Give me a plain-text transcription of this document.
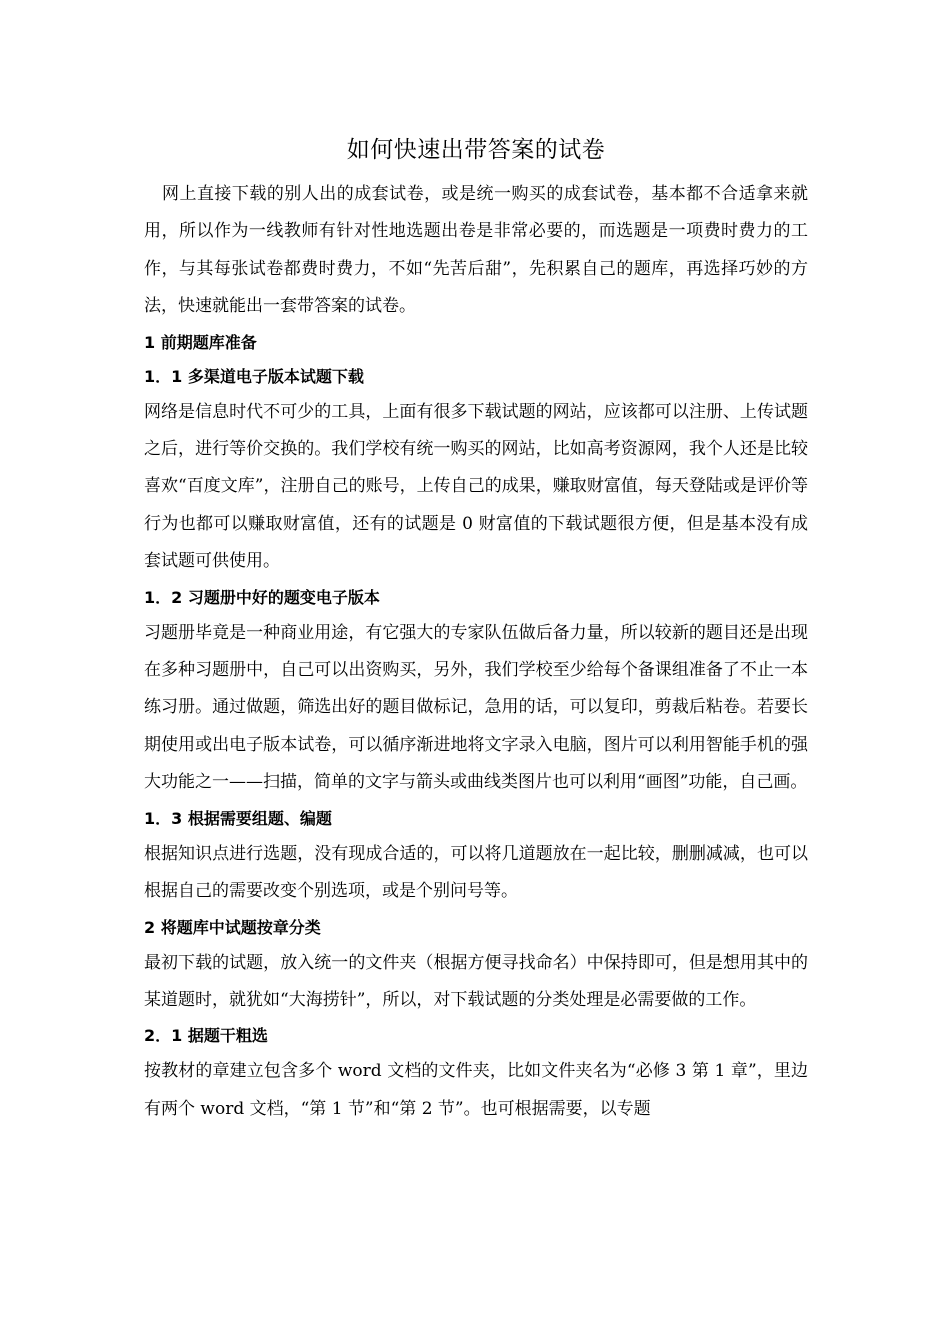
如何快速出带答案的试卷

网上直接下载的别人出的成套试卷，或是统一购买的成套试卷，基本都不合适拿来就用，所以作为一线教师有针对性地选题出卷是非常必要的，而选题是一项费时费力的工作，与其每张试卷都费时费力，不如“先苦后甜”，先积累自己的题库，再选择巧妙的方法，快速就能出一套带答案的试卷。

1 前期题库准备
1．1 多渠道电子版本试题下载

网络是信息时代不可少的工具，上面有很多下载试题的网站，应该都可以注册、上传试题之后，进行等价交换的。我们学校有统一购买的网站，比如高考资源网，我个人还是比较喜欢“百度文库”，注册自己的账号，上传自己的成果，赚取财富值，每天登陆或是评价等行为也都可以赚取财富值，还有的试题是 0 财富值的下载试题很方便，但是基本没有成套试题可供使用。

1．2 习题册中好的题变电子版本

习题册毕竟是一种商业用途，有它强大的专家队伍做后备力量，所以较新的题目还是出现在多种习题册中，自己可以出资购买，另外，我们学校至少给每个备课组准备了不止一本练习册。通过做题，筛选出好的题目做标记，急用的话，可以复印，剪裁后粘卷。若要长期使用或出电子版本试卷，可以循序渐进地将文字录入电脑，图片可以利用智能手机的强大功能之一——扫描，简单的文字与箭头或曲线类图片也可以利用“画图”功能，自己画。

1．3 根据需要组题、编题

根据知识点进行选题，没有现成合适的，可以将几道题放在一起比较，删删减减，也可以根据自己的需要改变个别选项，或是个别问号等。

2 将题库中试题按章分类

最初下载的试题，放入统一的文件夹（根据方便寻找命名）中保持即可，但是想用其中的某道题时，就犹如“大海捞针”，所以，对下载试题的分类处理是必需要做的工作。

2．1 据题干粗选

按教材的章建立包含多个 word 文档的文件夹，比如文件夹名为“必修 3 第 1 章”，里边有两个 word 文档，“第 1 节”和“第 2 节”。也可根据需要，以专题
